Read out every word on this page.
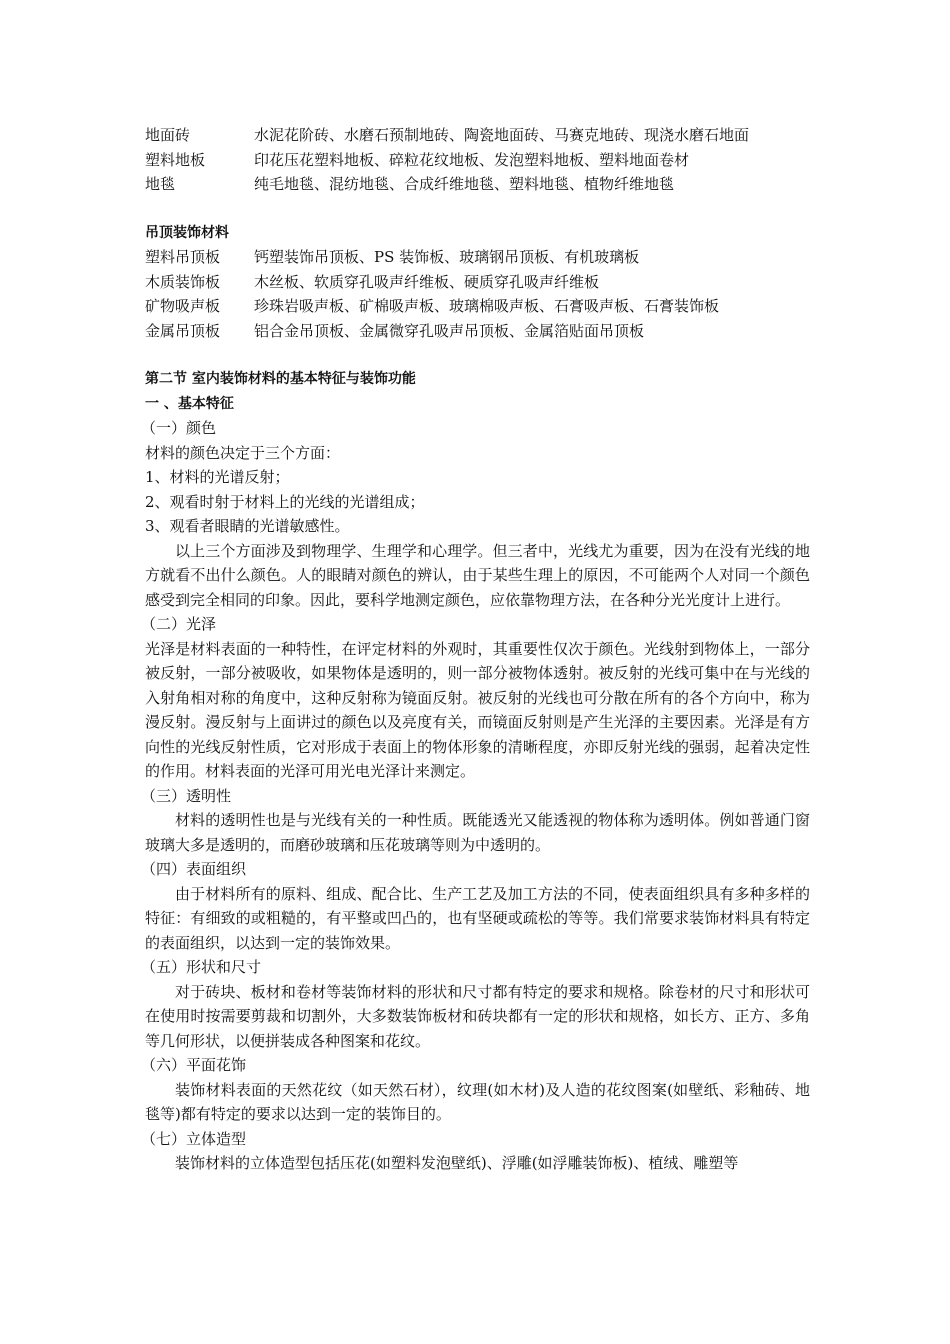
地面砖	水泥花阶砖、水磨石预制地砖、陶瓷地面砖、马赛克地砖、现浇水磨石地面
塑料地板	印花压花塑料地板、碎粒花纹地板、发泡塑料地板、塑料地面卷材
地毯	纯毛地毯、混纺地毯、合成纤维地毯、塑料地毯、植物纤维地毯
吊顶装饰材料
塑料吊顶板	钙塑装饰吊顶板、PS 装饰板、玻璃钢吊顶板、有机玻璃板
木质装饰板	木丝板、软质穿孔吸声纤维板、硬质穿孔吸声纤维板
矿物吸声板	珍珠岩吸声板、矿棉吸声板、玻璃棉吸声板、石膏吸声板、石膏装饰板
金属吊顶板	铝合金吊顶板、金属微穿孔吸声吊顶板、金属箔贴面吊顶板
第二节 室内装饰材料的基本特征与装饰功能
一 、基本特征
（一）颜色
材料的颜色决定于三个方面：
1、材料的光谱反射；
2、观看时射于材料上的光线的光谱组成；
3、观看者眼睛的光谱敏感性。

以上三个方面涉及到物理学、生理学和心理学。但三者中，光线尤为重要，因为在没有光线的地方就看不出什么颜色。人的眼睛对颜色的辨认，由于某些生理上的原因，不可能两个人对同一个颜色感受到完全相同的印象。因此，要科学地测定颜色，应依靠物理方法，在各种分光光度计上进行。

（二）光泽

光泽是材料表面的一种特性，在评定材料的外观时，其重要性仅次于颜色。光线射到物体上，一部分被反射，一部分被吸收，如果物体是透明的，则一部分被物体透射。被反射的光线可集中在与光线的入射角相对称的角度中，这种反射称为镜面反射。被反射的光线也可分散在所有的各个方向中，称为漫反射。漫反射与上面讲过的颜色以及亮度有关，而镜面反射则是产生光泽的主要因素。光泽是有方向性的光线反射性质，它对形成于表面上的物体形象的清晰程度，亦即反射光线的强弱，起着决定性的作用。材料表面的光泽可用光电光泽计来测定。

（三）透明性

材料的透明性也是与光线有关的一种性质。既能透光又能透视的物体称为透明体。例如普通门窗玻璃大多是透明的，而磨砂玻璃和压花玻璃等则为中透明的。

（四）表面组织

由于材料所有的原料、组成、配合比、生产工艺及加工方法的不同，使表面组织具有多种多样的特征：有细致的或粗糙的，有平整或凹凸的，也有坚硬或疏松的等等。我们常要求装饰材料具有特定的表面组织，以达到一定的装饰效果。

（五）形状和尺寸

对于砖块、板材和卷材等装饰材料的形状和尺寸都有特定的要求和规格。除卷材的尺寸和形状可在使用时按需要剪裁和切割外，大多数装饰板材和砖块都有一定的形状和规格，如长方、正方、多角等几何形状，以便拼装成各种图案和花纹。

（六）平面花饰

装饰材料表面的天然花纹（如天然石材），纹理(如木材)及人造的花纹图案(如壁纸、彩釉砖、地毯等)都有特定的要求以达到一定的装饰目的。

（七）立体造型

装饰材料的立体造型包括压花(如塑料发泡壁纸)、浮雕(如浮雕装饰板)、植绒、雕塑等
